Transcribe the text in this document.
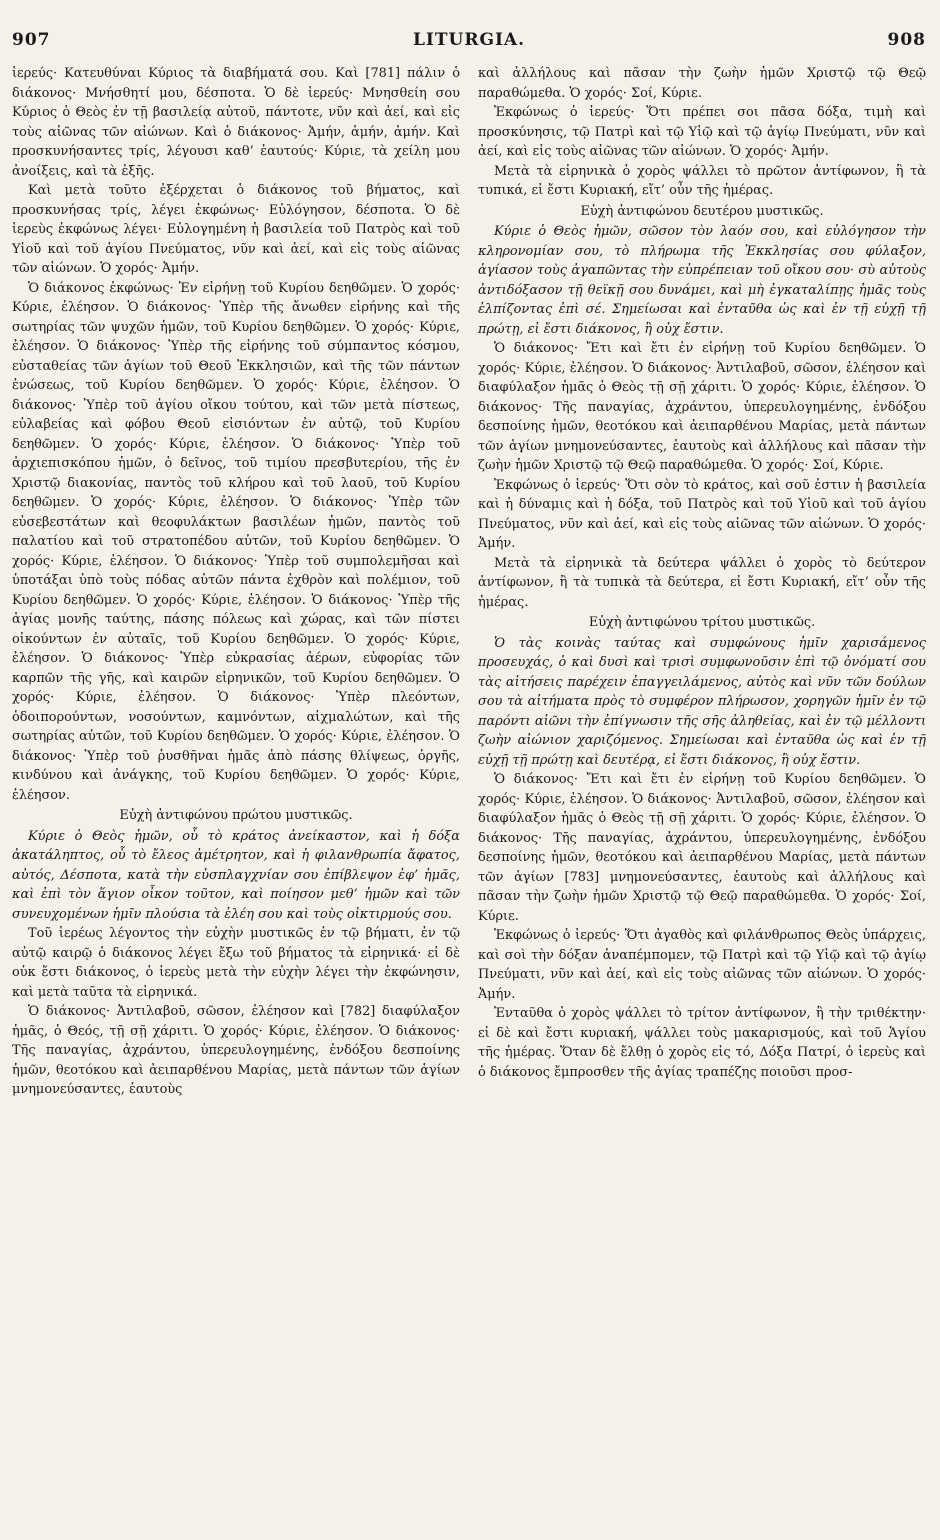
907	LITURGIA.	908

ἱερεύς· Κατευθύναι Κύριος τὰ διαβήματά σου. Καὶ [781] πάλιν ὁ διάκονος· Μνήσθητί μου, δέσποτα. Ὁ δὲ ἱερεύς· Μνησθείη σου Κύριος ὁ Θεὸς ἐν τῇ βασιλείᾳ αὐτοῦ, πάντοτε, νῦν καὶ ἀεί, καὶ εἰς τοὺς αἰῶνας τῶν αἰώνων. Καὶ ὁ διάκονος· Ἀμήν, ἀμήν, ἀμήν. Καὶ προσκυνήσαντες τρίς, λέγουσι καθ’ ἑαυτούς· Κύριε, τὰ χείλη μου ἀνοίξεις, καὶ τὰ ἑξῆς.

Καὶ μετὰ τοῦτο ἐξέρχεται ὁ διάκονος τοῦ βήματος, καὶ προσκυνήσας τρίς, λέγει ἐκφώνως· Εὐλόγησον, δέσποτα. Ὁ δὲ ἱερεὺς ἐκφώνως λέγει· Εὐλογημένη ἡ βασιλεία τοῦ Πατρὸς καὶ τοῦ Υἱοῦ καὶ τοῦ ἁγίου Πνεύματος, νῦν καὶ ἀεί, καὶ εἰς τοὺς αἰῶνας τῶν αἰώνων. Ὁ χορός· Ἀμήν.

Ὁ διάκονος ἐκφώνως· Ἐν εἰρήνῃ τοῦ Κυρίου δεηθῶμεν. Ὁ χορός· Κύριε, ἐλέησον. Ὁ διάκονος· Ὑπὲρ τῆς ἄνωθεν εἰρήνης καὶ τῆς σωτηρίας τῶν ψυχῶν ἡμῶν, τοῦ Κυρίου δεηθῶμεν. Ὁ χορός· Κύριε, ἐλέησον. Ὁ διάκονος· Ὑπὲρ τῆς εἰρήνης τοῦ σύμπαντος κόσμου, εὐσταθείας τῶν ἁγίων τοῦ Θεοῦ Ἐκκλησιῶν, καὶ τῆς τῶν πάντων ἑνώσεως, τοῦ Κυρίου δεηθῶμεν. Ὁ χορός· Κύριε, ἐλέησον. Ὁ διάκονος· Ὑπὲρ τοῦ ἁγίου οἴκου τούτου, καὶ τῶν μετὰ πίστεως, εὐλαβείας καὶ φόβου Θεοῦ εἰσιόντων ἐν αὐτῷ, τοῦ Κυρίου δεηθῶμεν. Ὁ χορός· Κύριε, ἐλέησον. Ὁ διάκονος· Ὑπὲρ τοῦ ἀρχιεπισκόπου ἡμῶν, ὁ δεῖνος, τοῦ τιμίου πρεσβυτερίου, τῆς ἐν Χριστῷ διακονίας, παντὸς τοῦ κλήρου καὶ τοῦ λαοῦ, τοῦ Κυρίου δεηθῶμεν. Ὁ χορός· Κύριε, ἐλέησον. Ὁ διάκονος· Ὑπὲρ τῶν εὐσεβεστάτων καὶ θεοφυλάκτων βασιλέων ἡμῶν, παντὸς τοῦ παλατίου καὶ τοῦ στρατοπέδου αὐτῶν, τοῦ Κυρίου δεηθῶμεν. Ὁ χορός· Κύριε, ἐλέησον. Ὁ διάκονος· Ὑπὲρ τοῦ συμπολεμῆσαι καὶ ὑποτάξαι ὑπὸ τοὺς πόδας αὐτῶν πάντα ἐχθρὸν καὶ πολέμιον, τοῦ Κυρίου δεηθῶμεν. Ὁ χορός· Κύριε, ἐλέησον. Ὁ διάκονος· Ὑπὲρ τῆς ἁγίας μονῆς ταύτης, πάσης πόλεως καὶ χώρας, καὶ τῶν πίστει οἰκούντων ἐν αὐταῖς, τοῦ Κυρίου δεηθῶμεν. Ὁ χορός· Κύριε, ἐλέησον. Ὁ διάκονος· Ὑπὲρ εὐκρασίας ἀέρων, εὐφορίας τῶν καρπῶν τῆς γῆς, καὶ καιρῶν εἰρηνικῶν, τοῦ Κυρίου δεηθῶμεν. Ὁ χορός· Κύριε, ἐλέησον. Ὁ διάκονος· Ὑπὲρ πλεόντων, ὁδοιπορούντων, νοσούντων, καμνόντων, αἰχμαλώτων, καὶ τῆς σωτηρίας αὐτῶν, τοῦ Κυρίου δεηθῶμεν. Ὁ χορός· Κύριε, ἐλέησον. Ὁ διάκονος· Ὑπὲρ τοῦ ῥυσθῆναι ἡμᾶς ἀπὸ πάσης θλίψεως, ὀργῆς, κινδύνου καὶ ἀνάγκης, τοῦ Κυρίου δεηθῶμεν. Ὁ χορός· Κύριε, ἐλέησον.

Εὐχὴ ἀντιφώνου πρώτου μυστικῶς.

Κύριε ὁ Θεὸς ἡμῶν, οὗ τὸ κράτος ἀνείκαστον, καὶ ἡ δόξα ἀκατάληπτος, οὗ τὸ ἔλεος ἀμέτρητον, καὶ ἡ φιλανθρωπία ἄφατος, αὐτός, Δέσποτα, κατὰ τὴν εὐσπλαγχνίαν σου ἐπίβλεψον ἐφ’ ἡμᾶς, καὶ ἐπὶ τὸν ἅγιον οἶκον τοῦτον, καὶ ποίησον μεθ’ ἡμῶν καὶ τῶν συνευχομένων ἡμῖν πλούσια τὰ ἐλέη σου καὶ τοὺς οἰκτιρμούς σου.

Τοῦ ἱερέως λέγοντος τὴν εὐχὴν μυστικῶς ἐν τῷ βήματι, ἐν τῷ αὐτῷ καιρῷ ὁ διάκονος λέγει ἔξω τοῦ βήματος τὰ εἰρηνικά· εἰ δὲ οὐκ ἔστι διάκονος, ὁ ἱερεὺς μετὰ τὴν εὐχὴν λέγει τὴν ἐκφώνησιν, καὶ μετὰ ταῦτα τὰ εἰρηνικά.

Ὁ διάκονος· Ἀντιλαβοῦ, σῶσον, ἐλέησον καὶ [782] διαφύλαξον ἡμᾶς, ὁ Θεός, τῇ σῇ χάριτι. Ὁ χορός· Κύριε, ἐλέησον. Ὁ διάκονος· Τῆς παναγίας, ἀχράντου, ὑπερευλογημένης, ἐνδόξου δεσποίνης ἡμῶν, θεοτόκου καὶ ἀειπαρθένου Μαρίας, μετὰ πάντων τῶν ἁγίων μνημονεύσαντες, ἑαυτοὺς

καὶ ἀλλήλους καὶ πᾶσαν τὴν ζωὴν ἡμῶν Χριστῷ τῷ Θεῷ παραθώμεθα. Ὁ χορός· Σοί, Κύριε.

Ἐκφώνως ὁ ἱερεύς· Ὅτι πρέπει σοι πᾶσα δόξα, τιμὴ καὶ προσκύνησις, τῷ Πατρὶ καὶ τῷ Υἱῷ καὶ τῷ ἁγίῳ Πνεύματι, νῦν καὶ ἀεί, καὶ εἰς τοὺς αἰῶνας τῶν αἰώνων. Ὁ χορός· Ἀμήν.

Μετὰ τὰ εἰρηνικὰ ὁ χορὸς ψάλλει τὸ πρῶτον ἀντίφωνον, ἢ τὰ τυπικά, εἰ ἔστι Κυριακή, εἴτ’ οὖν τῆς ἡμέρας.

Εὐχὴ ἀντιφώνου δευτέρου μυστικῶς.

Κύριε ὁ Θεὸς ἡμῶν, σῶσον τὸν λαόν σου, καὶ εὐλόγησον τὴν κληρονομίαν σου, τὸ πλήρωμα τῆς Ἐκκλησίας σου φύλαξον, ἁγίασον τοὺς ἀγαπῶντας τὴν εὐπρέπειαν τοῦ οἴκου σου· σὺ αὐτοὺς ἀντιδόξασον τῇ θεϊκῇ σου δυνάμει, καὶ μὴ ἐγκαταλίπῃς ἡμᾶς τοὺς ἐλπίζοντας ἐπὶ σέ. Σημείωσαι καὶ ἐνταῦθα ὡς καὶ ἐν τῇ εὐχῇ τῇ πρώτῃ, εἰ ἔστι διάκονος, ἢ οὐχ ἔστιν.

Ὁ διάκονος· Ἔτι καὶ ἔτι ἐν εἰρήνῃ τοῦ Κυρίου δεηθῶμεν. Ὁ χορός· Κύριε, ἐλέησον. Ὁ διάκονος· Ἀντιλαβοῦ, σῶσον, ἐλέησον καὶ διαφύλαξον ἡμᾶς ὁ Θεὸς τῇ σῇ χάριτι. Ὁ χορός· Κύριε, ἐλέησον. Ὁ διάκονος· Τῆς παναγίας, ἀχράντου, ὑπερευλογημένης, ἐνδόξου δεσποίνης ἡμῶν, θεοτόκου καὶ ἀειπαρθένου Μαρίας, μετὰ πάντων τῶν ἁγίων μνημονεύσαντες, ἑαυτοὺς καὶ ἀλλήλους καὶ πᾶσαν τὴν ζωὴν ἡμῶν Χριστῷ τῷ Θεῷ παραθώμεθα. Ὁ χορός· Σοί, Κύριε.

Ἐκφώνως ὁ ἱερεύς· Ὅτι σὸν τὸ κράτος, καὶ σοῦ ἐστιν ἡ βασιλεία καὶ ἡ δύναμις καὶ ἡ δόξα, τοῦ Πατρὸς καὶ τοῦ Υἱοῦ καὶ τοῦ ἁγίου Πνεύματος, νῦν καὶ ἀεί, καὶ εἰς τοὺς αἰῶνας τῶν αἰώνων. Ὁ χορός· Ἀμήν.

Μετὰ τὰ εἰρηνικὰ τὰ δεύτερα ψάλλει ὁ χορὸς τὸ δεύτερον ἀντίφωνον, ἢ τὰ τυπικὰ τὰ δεύτερα, εἰ ἔστι Κυριακή, εἴτ’ οὖν τῆς ἡμέρας.

Εὐχὴ ἀντιφώνου τρίτου μυστικῶς.

Ὁ τὰς κοινὰς ταύτας καὶ συμφώνους ἡμῖν χαρισάμενος προσευχάς, ὁ καὶ δυσὶ καὶ τρισὶ συμφωνοῦσιν ἐπὶ τῷ ὀνόματί σου τὰς αἰτήσεις παρέχειν ἐπαγγειλάμενος, αὐτὸς καὶ νῦν τῶν δούλων σου τὰ αἰτήματα πρὸς τὸ συμφέρον πλήρωσον, χορηγῶν ἡμῖν ἐν τῷ παρόντι αἰῶνι τὴν ἐπίγνωσιν τῆς σῆς ἀληθείας, καὶ ἐν τῷ μέλλοντι ζωὴν αἰώνιον χαριζόμενος. Σημείωσαι καὶ ἐνταῦθα ὡς καὶ ἐν τῇ εὐχῇ τῇ πρώτῃ καὶ δευτέρᾳ, εἰ ἔστι διάκονος, ἢ οὐχ ἔστιν.

Ὁ διάκονος· Ἔτι καὶ ἔτι ἐν εἰρήνῃ τοῦ Κυρίου δεηθῶμεν. Ὁ χορός· Κύριε, ἐλέησον. Ὁ διάκονος· Ἀντιλαβοῦ, σῶσον, ἐλέησον καὶ διαφύλαξον ἡμᾶς ὁ Θεὸς τῇ σῇ χάριτι. Ὁ χορός· Κύριε, ἐλέησον. Ὁ διάκονος· Τῆς παναγίας, ἀχράντου, ὑπερευλογημένης, ἐνδόξου δεσποίνης ἡμῶν, θεοτόκου καὶ ἀειπαρθένου Μαρίας, μετὰ πάντων τῶν ἁγίων [783] μνημονεύσαντες, ἑαυτοὺς καὶ ἀλλήλους καὶ πᾶσαν τὴν ζωὴν ἡμῶν Χριστῷ τῷ Θεῷ παραθώμεθα. Ὁ χορός· Σοί, Κύριε.

Ἐκφώνως ὁ ἱερεύς· Ὅτι ἀγαθὸς καὶ φιλάνθρωπος Θεὸς ὑπάρχεις, καὶ σοὶ τὴν δόξαν ἀναπέμπομεν, τῷ Πατρὶ καὶ τῷ Υἱῷ καὶ τῷ ἁγίῳ Πνεύματι, νῦν καὶ ἀεί, καὶ εἰς τοὺς αἰῶνας τῶν αἰώνων. Ὁ χορός· Ἀμήν.

Ἐνταῦθα ὁ χορὸς ψάλλει τὸ τρίτον ἀντίφωνον, ἢ τὴν τριθέκτην· εἰ δὲ καὶ ἔστι κυριακή, ψάλλει τοὺς μακαρισμούς, καὶ τοῦ Ἁγίου τῆς ἡμέρας. Ὅταν δὲ ἔλθῃ ὁ χορὸς εἰς τό, Δόξα Πατρί, ὁ ἱερεὺς καὶ ὁ διάκονος ἔμπροσθεν τῆς ἁγίας τραπέζης ποιοῦσι προσ-
